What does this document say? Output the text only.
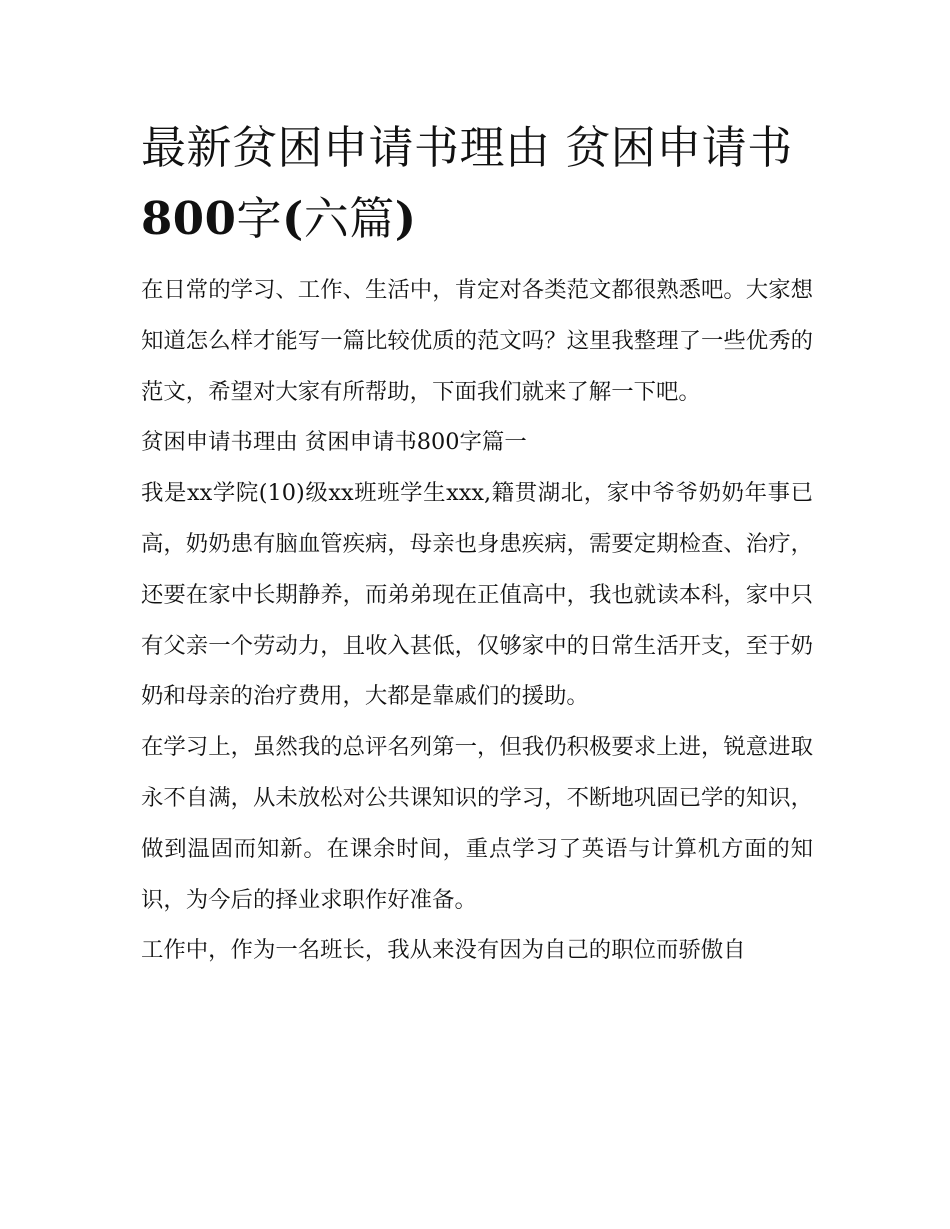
最新贫困申请书理由 贫困申请书800字(六篇)

在日常的学习、工作、生活中，肯定对各类范文都很熟悉吧。大家想知道怎么样才能写一篇比较优质的范文吗？这里我整理了一些优秀的范文，希望对大家有所帮助，下面我们就来了解一下吧。

贫困申请书理由 贫困申请书800字篇一

我是xx学院(10)级xx班班学生xxx,籍贯湖北，家中爷爷奶奶年事已高，奶奶患有脑血管疾病，母亲也身患疾病，需要定期检查、治疗，还要在家中长期静养，而弟弟现在正值高中，我也就读本科，家中只有父亲一个劳动力，且收入甚低，仅够家中的日常生活开支，至于奶奶和母亲的治疗费用，大都是靠戚们的援助。

在学习上，虽然我的总评名列第一，但我仍积极要求上进，锐意进取永不自满，从未放松对公共课知识的学习，不断地巩固已学的知识，做到温固而知新。在课余时间，重点学习了英语与计算机方面的知识，为今后的择业求职作好准备。

工作中，作为一名班长，我从来没有因为自己的职位而骄傲自
